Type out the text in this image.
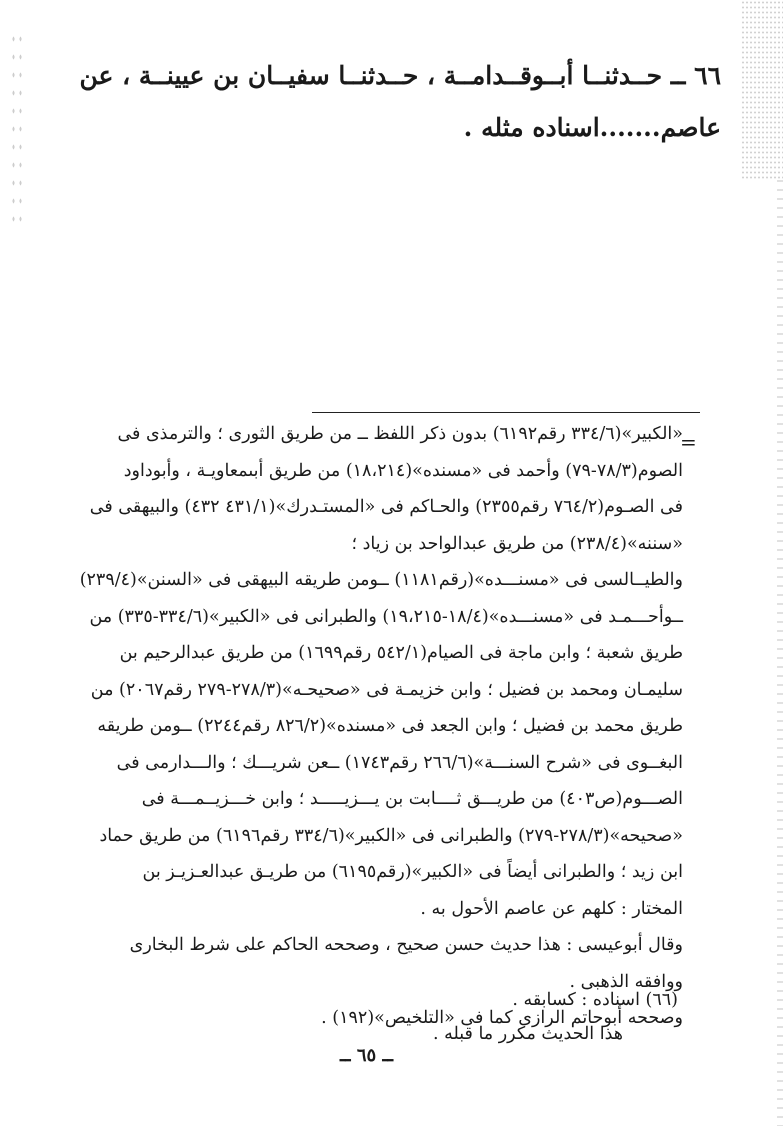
٦٦ ــ حــدثنــا أبــوقــدامــة ، حــدثنــا سفيــان بن عيينــة ، عن
عاصم.......اسناده مثله .
=
«الكبير»(٣٣٤/٦ رقم٦١٩٢) بدون ذكر اللفظ ــ من طريق الثورى ؛ والترمذى فى
الصوم(٧٨/٣-٧٩) وأحمد فى «مسنده»(١٨،٢١٤) من طريق أبىمعاويـة ، وأبوداود
فى الصـوم(٧٦٤/٢ رقم٢٣٥٥) والحـاكم فى «المستـدرك»(٤٣١/١ ٤٣٢) والبيهقى فى
«سننه»(٢٣٨/٤) من طريق عبدالواحد بن زياد ؛
والطيــالسى فى «مسنـــده»(رقم١١٨١) ــومن طريقه البيهقى فى «السنن»(٢٣٩/٤)
ــوأحـــمـد فى «مسنـــده»(١٨/٤-١٩،٢١٥) والطبرانى فى «الكبير»(٣٣٤/٦-٣٣٥) من
طريق شعبة ؛ وابن ماجة فى الصيام(٥٤٢/١ رقم١٦٩٩) من طريق عبدالرحيم بن
سليمـان ومحمد بن فضيل ؛ وابن خزيمـة فى «صحيحـه»(٢٧٨/٣-٢٧٩ رقم٢٠٦٧) من
طريق محمد بن فضيل ؛ وابن الجعد فى «مسنده»(٨٢٦/٢ رقم٢٢٤٤) ــومن طريقه
البغــوى فى «شرح السنـــة»(٢٦٦/٦ رقم١٧٤٣) ــعن شريـــك ؛ والـــدارمى فى
الصـــوم(ص٤٠٣) من طريـــق ثــــابت بن يـــزيـــــد ؛ وابن خـــزيــمـــة فى
«صحيحه»(٢٧٨/٣-٢٧٩) والطبرانى فى «الكبير»(٣٣٤/٦ رقم٦١٩٦) من طريق حماد
ابن زيد ؛ والطبرانى أيضاً فى «الكبير»(رقم٦١٩٥) من طريـق عبدالعـزيـز بن
المختار : كلهم عن عاصم الأحول به .
وقال أبوعيسى : هذا حديث حسن صحيح ، وصححه الحاكم على شرط البخارى
ووافقه الذهبى .
وصححه أبوحاتم الرازى كما فى «التلخيص»(١٩٢) .
(٦٦) اسناده : كسابقه .
هذا الحديث مكرر ما قبله .
ــ ٦٥ ــ
